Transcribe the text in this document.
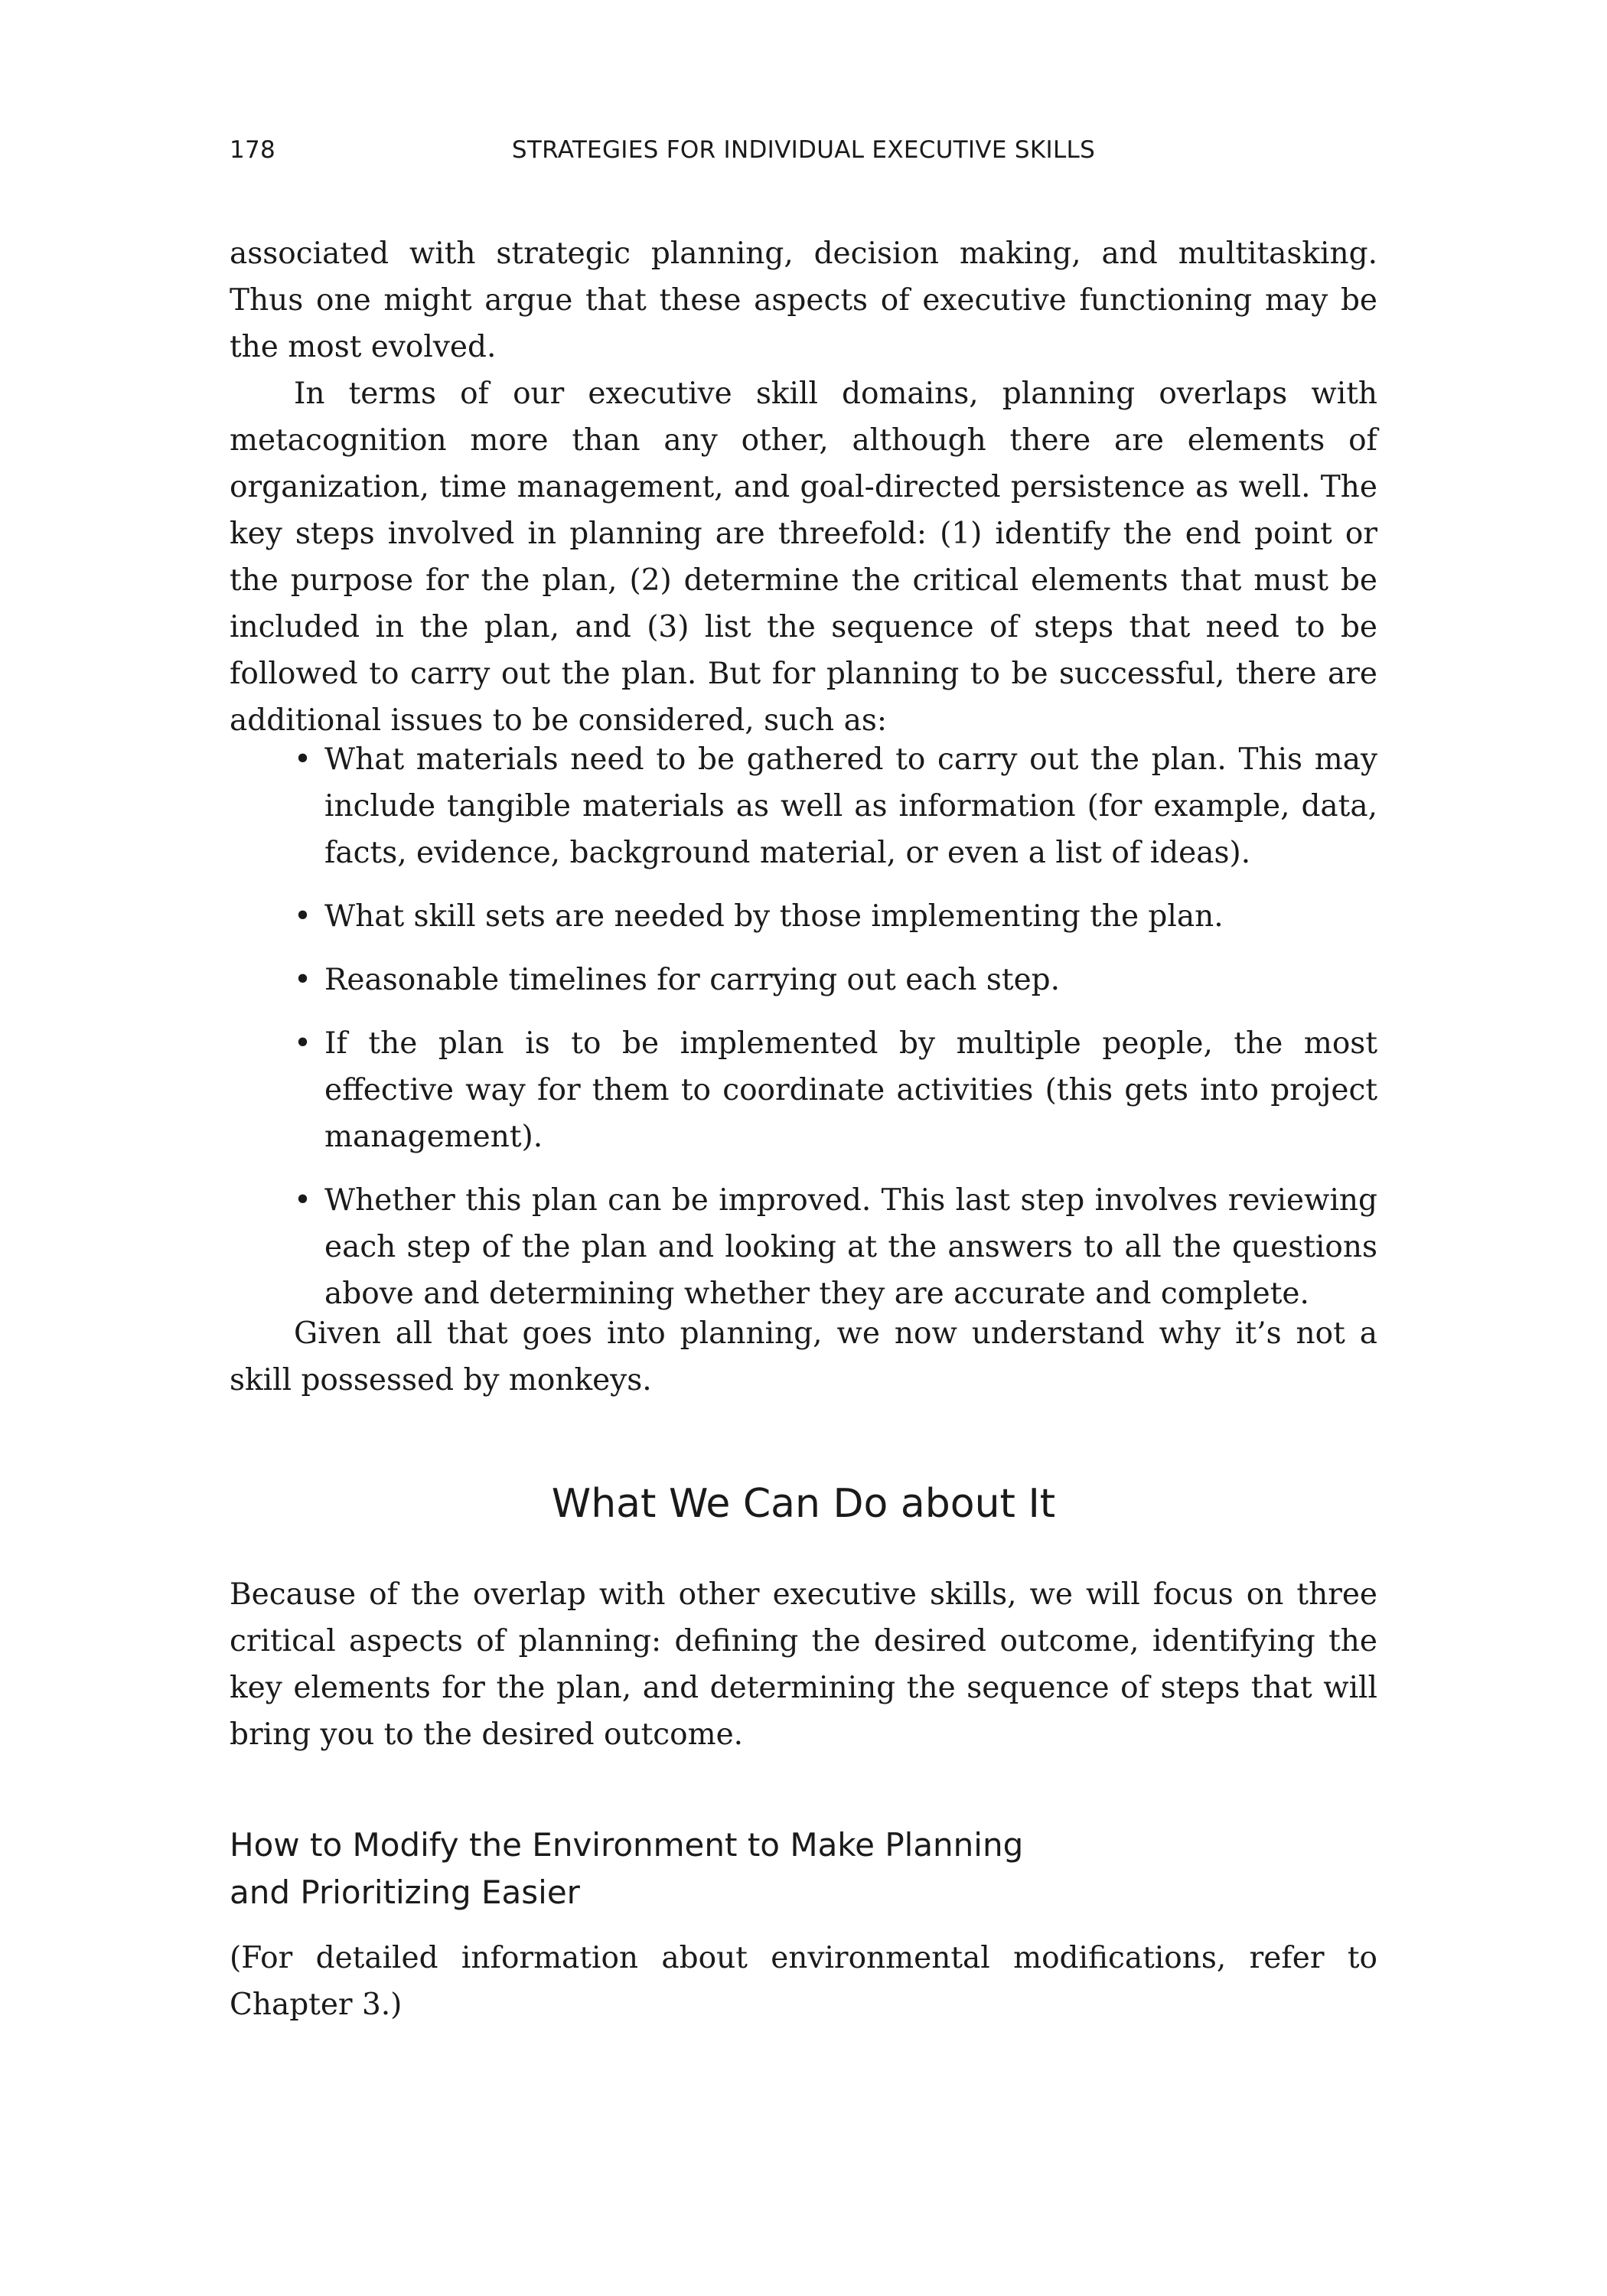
178	STRATEGIES FOR INDIVIDUAL EXECUTIVE SKILLS

associated with strategic planning, decision making, and multitasking. Thus one might argue that these aspects of executive functioning may be the most evolved.

In terms of our executive skill domains, planning overlaps with metacognition more than any other, although there are elements of organization, time management, and goal-directed persistence as well. The key steps involved in planning are threefold: (1) identify the end point or the purpose for the plan, (2) determine the critical elements that must be included in the plan, and (3) list the sequence of steps that need to be followed to carry out the plan. But for planning to be successful, there are additional issues to be considered, such as:

• What materials need to be gathered to carry out the plan. This may include tangible materials as well as information (for example, data, facts, evidence, background material, or even a list of ideas).
• What skill sets are needed by those implementing the plan.
• Reasonable timelines for carrying out each step.
• If the plan is to be implemented by multiple people, the most effective way for them to coordinate activities (this gets into project management).
• Whether this plan can be improved. This last step involves reviewing each step of the plan and looking at the answers to all the questions above and determining whether they are accurate and complete.

Given all that goes into planning, we now understand why it’s not a skill possessed by monkeys.

What We Can Do about It

Because of the overlap with other executive skills, we will focus on three critical aspects of planning: defining the desired outcome, identifying the key elements for the plan, and determining the sequence of steps that will bring you to the desired outcome.

How to Modify the Environment to Make Planning
and Prioritizing Easier

(For detailed information about environmental modifications, refer to Chapter 3.)
